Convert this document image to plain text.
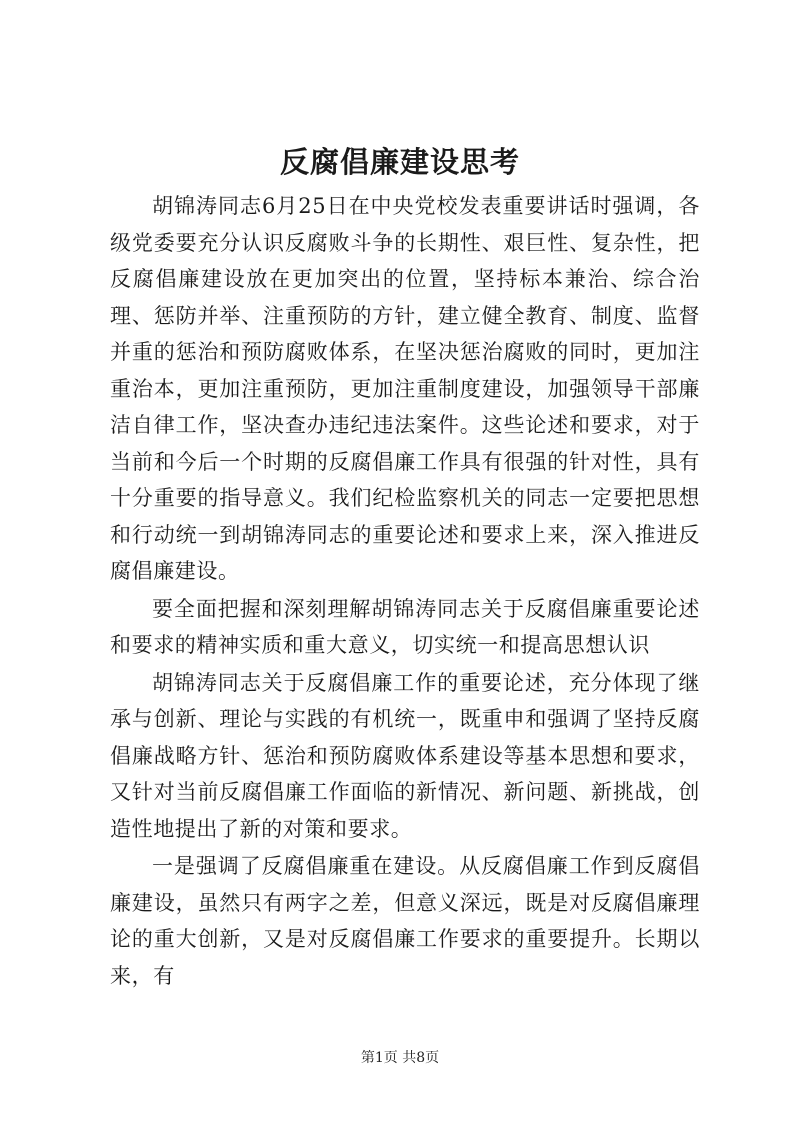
反腐倡廉建设思考

胡锦涛同志6月25日在中央党校发表重要讲话时强调，各级党委要充分认识反腐败斗争的长期性、艰巨性、复杂性，把反腐倡廉建设放在更加突出的位置，坚持标本兼治、综合治理、惩防并举、注重预防的方针，建立健全教育、制度、监督并重的惩治和预防腐败体系，在坚决惩治腐败的同时，更加注重治本，更加注重预防，更加注重制度建设，加强领导干部廉洁自律工作，坚决查办违纪违法案件。这些论述和要求，对于当前和今后一个时期的反腐倡廉工作具有很强的针对性，具有十分重要的指导意义。我们纪检监察机关的同志一定要把思想和行动统一到胡锦涛同志的重要论述和要求上来，深入推进反腐倡廉建设。

要全面把握和深刻理解胡锦涛同志关于反腐倡廉重要论述和要求的精神实质和重大意义，切实统一和提高思想认识

胡锦涛同志关于反腐倡廉工作的重要论述，充分体现了继承与创新、理论与实践的有机统一，既重申和强调了坚持反腐倡廉战略方针、惩治和预防腐败体系建设等基本思想和要求，又针对当前反腐倡廉工作面临的新情况、新问题、新挑战，创造性地提出了新的对策和要求。

一是强调了反腐倡廉重在建设。从反腐倡廉工作到反腐倡廉建设，虽然只有两字之差，但意义深远，既是对反腐倡廉理论的重大创新，又是对反腐倡廉工作要求的重要提升。长期以来，有

第1页 共8页
